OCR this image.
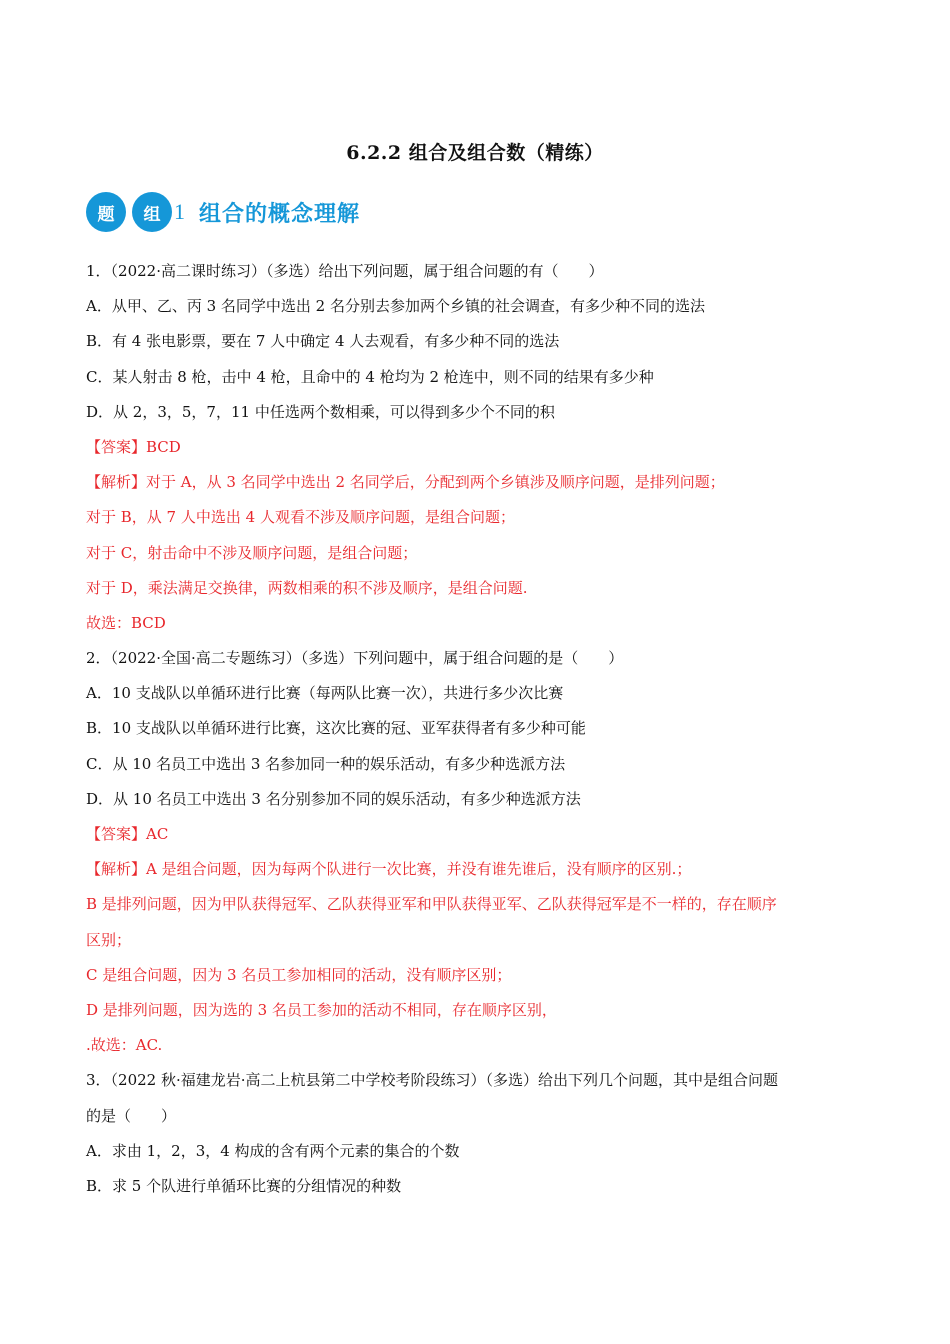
6.2.2 组合及组合数（精练）
题	组 1 组合的概念理解
1．（2022·高二课时练习）（多选）给出下列问题，属于组合问题的有（　　）
A．从甲、乙、丙 3 名同学中选出 2 名分别去参加两个乡镇的社会调查，有多少种不同的选法
B．有 4 张电影票，要在 7 人中确定 4 人去观看，有多少种不同的选法
C．某人射击 8 枪，击中 4 枪，且命中的 4 枪均为 2 枪连中，则不同的结果有多少种
D．从 2，3，5，7，11 中任选两个数相乘，可以得到多少个不同的积
【答案】BCD
【解析】对于 A，从 3 名同学中选出 2 名同学后，分配到两个乡镇涉及顺序问题，是排列问题；
对于 B，从 7 人中选出 4 人观看不涉及顺序问题，是组合问题；
对于 C，射击命中不涉及顺序问题，是组合问题；
对于 D，乘法满足交换律，两数相乘的积不涉及顺序，是组合问题.
故选：BCD
2．（2022·全国·高二专题练习）（多选）下列问题中，属于组合问题的是（　　）
A．10 支战队以单循环进行比赛（每两队比赛一次），共进行多少次比赛
B．10 支战队以单循环进行比赛，这次比赛的冠、亚军获得者有多少种可能
C．从 10 名员工中选出 3 名参加同一种的娱乐活动，有多少种选派方法
D．从 10 名员工中选出 3 名分别参加不同的娱乐活动，有多少种选派方法
【答案】AC
【解析】A 是组合问题，因为每两个队进行一次比赛，并没有谁先谁后，没有顺序的区别.；
B 是排列问题，因为甲队获得冠军、乙队获得亚军和甲队获得亚军、乙队获得冠军是不一样的，存在顺序
区别；
C 是组合问题，因为 3 名员工参加相同的活动，没有顺序区别；
D 是排列问题，因为选的 3 名员工参加的活动不相同，存在顺序区别，
.故选：AC.
3．（2022 秋·福建龙岩·高二上杭县第二中学校考阶段练习）（多选）给出下列几个问题，其中是组合问题
的是（　　）
A．求由 1，2，3，4 构成的含有两个元素的集合的个数
B．求 5 个队进行单循环比赛的分组情况的种数
